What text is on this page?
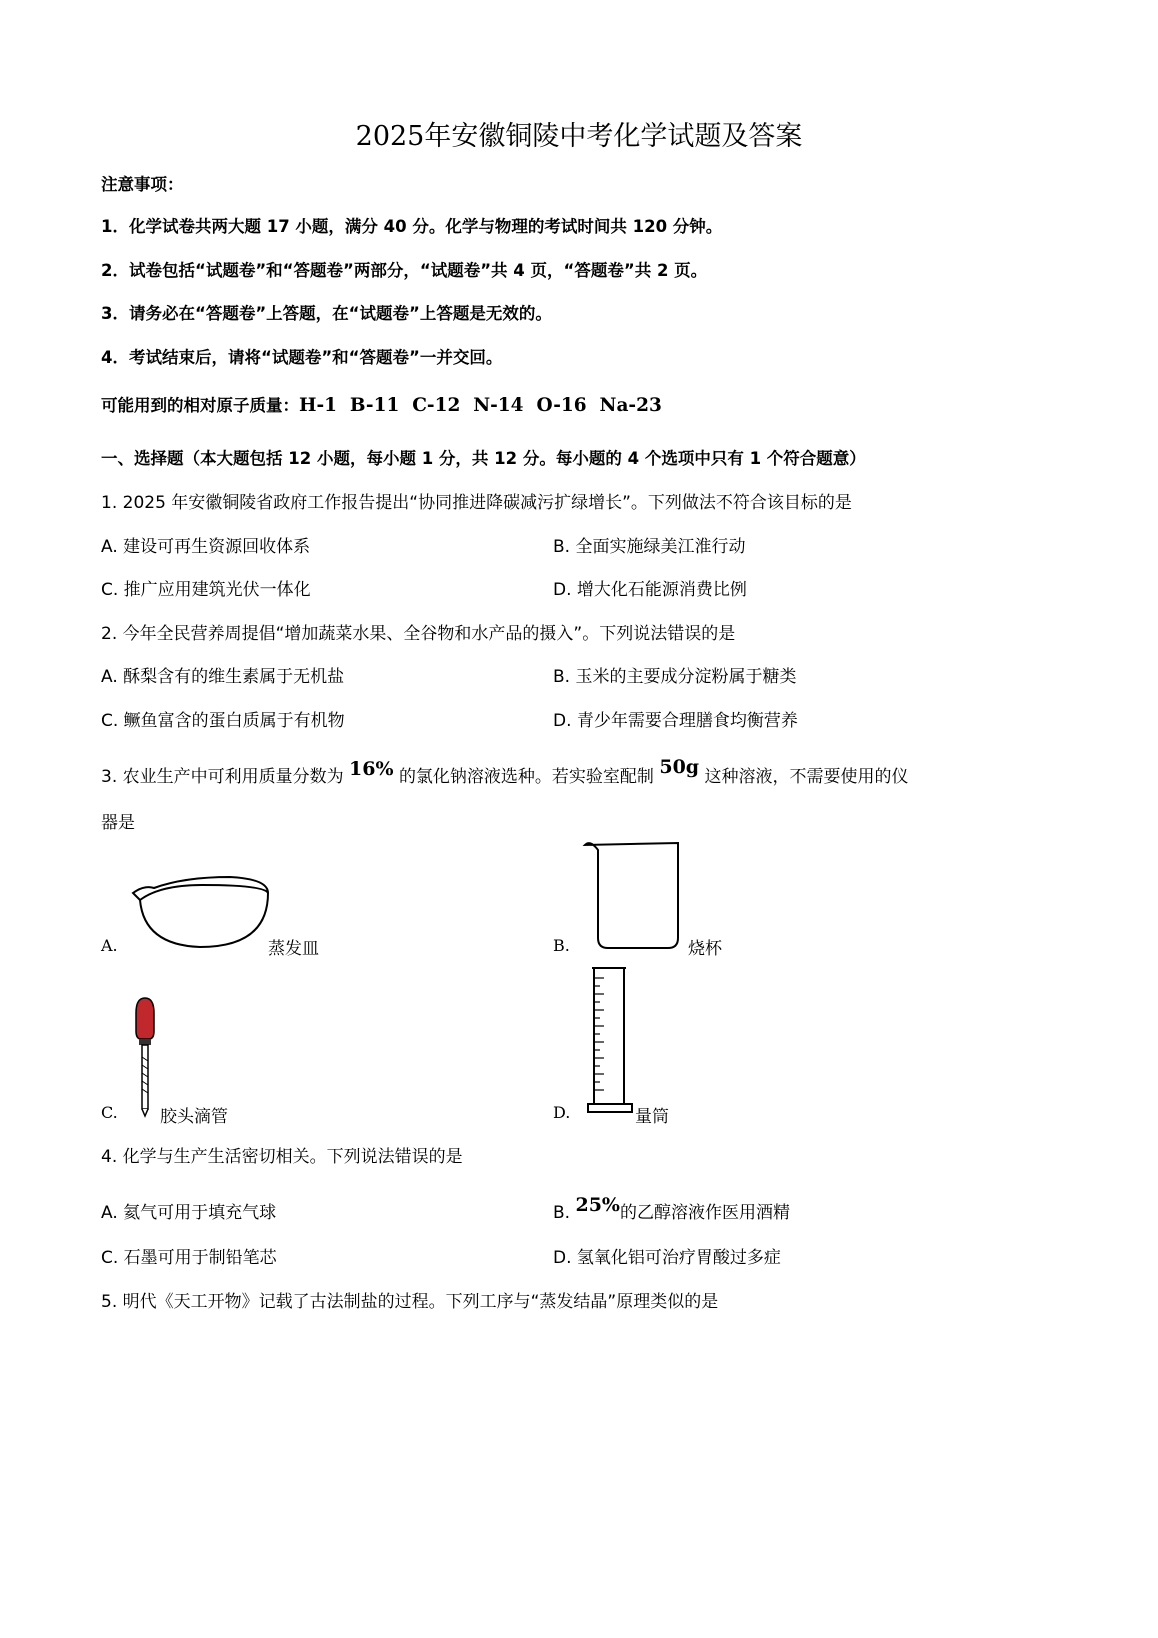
2025年安徽铜陵中考化学试题及答案
注意事项：
1．化学试卷共两大题 17 小题，满分 40 分。化学与物理的考试时间共 120 分钟。
2．试卷包括“试题卷”和“答题卷”两部分，“试题卷”共 4 页，“答题卷”共 2 页。
3．请务必在“答题卷”上答题，在“试题卷”上答题是无效的。
4．考试结束后，请将“试题卷”和“答题卷”一并交回。
可能用到的相对原子质量：H-1  B-11  C-12  N-14  O-16  Na-23
一、选择题（本大题包括 12 小题，每小题 1 分，共 12 分。每小题的 4 个选项中只有 1 个符合题意）
1. 2025 年安徽铜陵省政府工作报告提出“协同推进降碳减污扩绿增长”。下列做法不符合该目标的是
A. 建设可再生资源回收体系	B. 全面实施绿美江淮行动
C. 推广应用建筑光伏一体化	D. 增大化石能源消费比例
2. 今年全民营养周提倡“增加蔬菜水果、全谷物和水产品的摄入”。下列说法错误的是
A. 酥梨含有的维生素属于无机盐	B. 玉米的主要成分淀粉属于糖类
C. 鳜鱼富含的蛋白质属于有机物	D. 青少年需要合理膳食均衡营养
3. 农业生产中可利用质量分数为 16% 的氯化钠溶液选种。若实验室配制 50g 这种溶液，不需要使用的仪
器是
A.	蒸发皿	B.	烧杯
C. 胶头滴管	D.	量筒
4. 化学与生产生活密切相关。下列说法错误的是
A. 氦气可用于填充气球	B. 25%的乙醇溶液作医用酒精
C. 石墨可用于制铅笔芯	D. 氢氧化铝可治疗胃酸过多症
5. 明代《天工开物》记载了古法制盐的过程。下列工序与“蒸发结晶”原理类似的是
